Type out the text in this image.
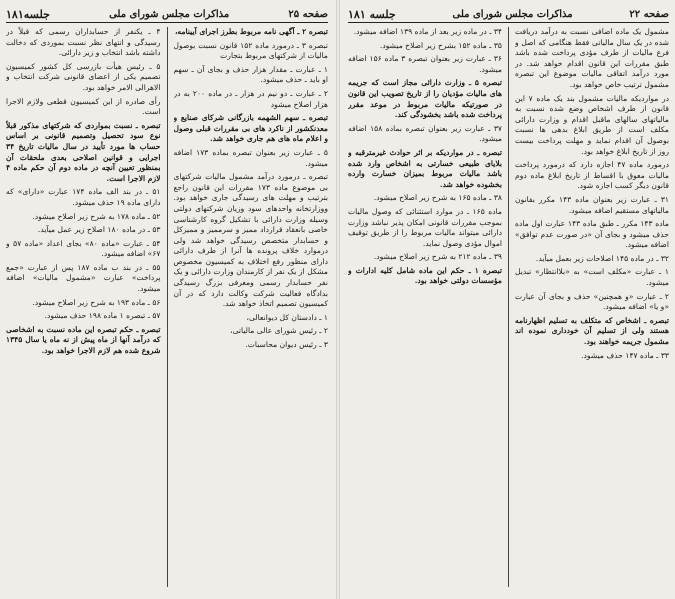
صفحه ۲۵
مذاکرات مجلس شورای ملی
جلسه۱۸۱

تبصره ۲ ـ آگهی نامه مربوط بطرز اجرای آیینامه،

تبصره ۳ ـ درمورد ماده ۱۵۲ قانون نسبت بوصول مالیات از شرکتهای مربوط بتجارت

۱ ـ عبارت ـ مقدار هزار حذف و بجای آن ـ سهم او باید ـ حذف میشود.

۲ ـ عبارت ـ دو نیم در هزار ـ در ماده ۲۰۰ به در هزار اصلاح میشود

تبصره ـ سهم الشهمه بازرگانی شرکای صنایع و معدنکشور از ناکرد های بی مقررات قبلی وصول و اعلام ماه های هم جاری خواهد شد.

۵ ـ عبارت زیر بعنوان تبصره بماده ۱۷۳ اضافه میشود.

تبصره ـ درمورد درآمد مشمول مالیات شرکتهای بی موضوع ماده ۱۷۳ مقررات این قانون راجع بترتیب و مهلت های رسیدگی جاری خواهد بود. ووزارتخانه واحدهای سود وزیان شرکتهای دولتی وسیله وزارت دارائی با تشکیل گروه کارشناسی خاصی بانعقاد قرارداد ممیز و سرممیز و ممیزکل و حسابدار متخصص رسیدگی خواهد شد ولی درموارد خلاف پرونده ها آنرا از طرف دارائی دارای منظور رفع اختلاف به کمیسیون مخصوص مشکل از یک نفر از کارمندان وزارت دارائی و یک نفر حسابدار رسمی ومعرفی بزرگ رسیدگی بدادگاه فعالیت شرکت وکالت دارد که در آن کمیسیون تصمیم اتخاذ خواهد شد.

۱ ـ دادستان کل دیوانعالی،

۲ ـ رئیس شورای عالی مالیاتی،

۳ ـ رئیس دیوان محاسبات.

۴ ـ یکنفر از حسابداران رسمی که قبلاً در رسیدگی و انتهای نظر نسبت بموردی که دخالت داشته باشد انتخاب و زیر دارائی.

۵ ـ رئیس هیأت بازرسی کل کشور کمیسیون تصمیم یکی از اعضای قانونی شرکت انتخاب و الاهرالی الامر خواهد بود.

رأی صادره از این کمیسیون قطعی ولازم الاجرا است.

تبصره ـ نسبت بمواردی که شرکتهای مذکور قبلاً نوع سود تحصیل وتصمیم قانونی بر اساس حساب ها مورد تأیید در سال مالیات تاریخ ۳۴ اجرایی و قوانین اصلاحی بعدی ملحقات آن بمنظور تعیین آنچه در ماده دوم آن حکم ماده ۴ لازم الاجرا است.

۵۱ ـ در بند الف ماده ۱۷۴ عبارت «دارای» که دارای ماده ۱۹ حذف میشود.

۵۲ ـ ماده ۱۷۸ به شرح زیر اصلاح میشود.

۵۳ ـ در ماده ۱۸۰ اصلاح زیر عمل میآید.

۵۴ ـ عبارت «ماده ۸۰» بجای اعداد «ماده ۵۷ و ۶۷» اضافه میشود.

۵۵ ـ در بند ب ماده ۱۸۷ پس از عبارت «جمع پرداخت» عبارت «مشمول مالیات» اضافه میشود.

۵۶ ـ ماده ۱۹۳ به شرح زیر اصلاح میشود.

۵۷ ـ تبصره ۱ ماده ۱۹۸ حذف میشود.

تبصره ـ حکم تبصره این ماده نسبت به اشخاصی که درآمد آنها از ماه پیش از نه ماه یا سال ۱۳۴۵ شروع شده هم لازم الاجرا خواهد بود.

صفحه ۲۲
مذاکرات مجلس شورای ملی
جلسه ۱۸۱

مشمول یک ماده اضافی نسبت به درآمد دریافت شده در یک سال مالیاتی فقط هنگامی که اصل و فرع مالیات از طرف مؤدی پرداخت شده باشد طبق مقررات این قانون اقدام خواهد شد. در مورد درآمد اتفاقی مالیات موضوع این تبصره مشمول ترتیب خاص خواهد بود.

در مواردیکه مالیات مشمول بند یک ماده ۷ این قانون از طرف اشخاص وضع شده نسبت به مالیاتهای سالهای ماقبل اقدام و وزارت دارائی مکلف است از طریق ابلاغ بدهی ها نسبت بوصول آن اقدام نماید و مهلت پرداخت بیست روز از تاریخ ابلاغ خواهد بود.

درمورد ماده ۴۷ اجازه دارد که درمورد پرداخت مالیات معوق با اقساط از تاریخ ابلاغ ماده دوم قانون دیگر کسب اجازه شود.

۳۱ ـ عبارت زیر بعنوان ماده ۱۴۳ مکرر بقانون مالیاتهای مستقیم اضافه میشود.

ماده ۱۴۳ مکرر ـ طبق ماده ۱۴۳ عبارت اول ماده حذف میشود و بجای آن «در صورت عدم توافق» اضافه میشود.

۳۲ ـ در ماده ۱۴۵ اصلاحات زیر بعمل میآید.

۱ ـ عبارت «مکلف است» به «بلاانتظار» تبدیل میشود.

۲ ـ عبارت «و همچنین» حذف و بجای آن عبارت «و یا» اضافه میشود.

تبصره ـ اشخاص که متکلف به تسلیم اظهارنامه هستند ولی از تسلیم آن خودداری نموده اند مشمول جریمه خواهند بود.

۳۳ ـ ماده ۱۴۷ حذف میشود.

۳۴ ـ در ماده زیر بعد از ماده ۱۳۹ اضافه میشود.

۳۵ ـ ماده ۱۵۲ بشرح زیر اصلاح میشود.

۳۶ ـ عبارت زیر بعنوان تبصره ۳ ماده ۱۵۶ اضافه میشود.

تبصره ۵ ـ وزارت دارائی مجاز است که جریمه های مالیات مؤدیان را از تاریخ تصویب این قانون در صورتیکه مالیات مربوط در موعد مقرر پرداخت شده باشد بخشودگی کند.

۳۷ ـ عبارت زیر بعنوان تبصره بماده ۱۵۸ اضافه میشود.

تبصره ـ در مواردیکه بر اثر حوادث غیرمترقبه و بلایای طبیعی خسارتی به اشخاص وارد شده باشد مالیات مربوط بمیزان خسارت وارده بخشوده خواهد شد.

۳۸ ـ ماده ۱۶۵ به شرح زیر اصلاح میشود.

ماده ۱۶۵ ـ در موارد استثنائی که وصول مالیات بموجب مقررات قانونی امکان پذیر نباشد وزارت دارائی میتواند مالیات مربوط را از طریق توقیف اموال مؤدی وصول نماید.

۳۹ ـ ماده ۲۱۲ به شرح زیر اصلاح میشود.

تبصره ۱ ـ حکم این ماده شامل کلیه ادارات و مؤسسات دولتی خواهد بود.
